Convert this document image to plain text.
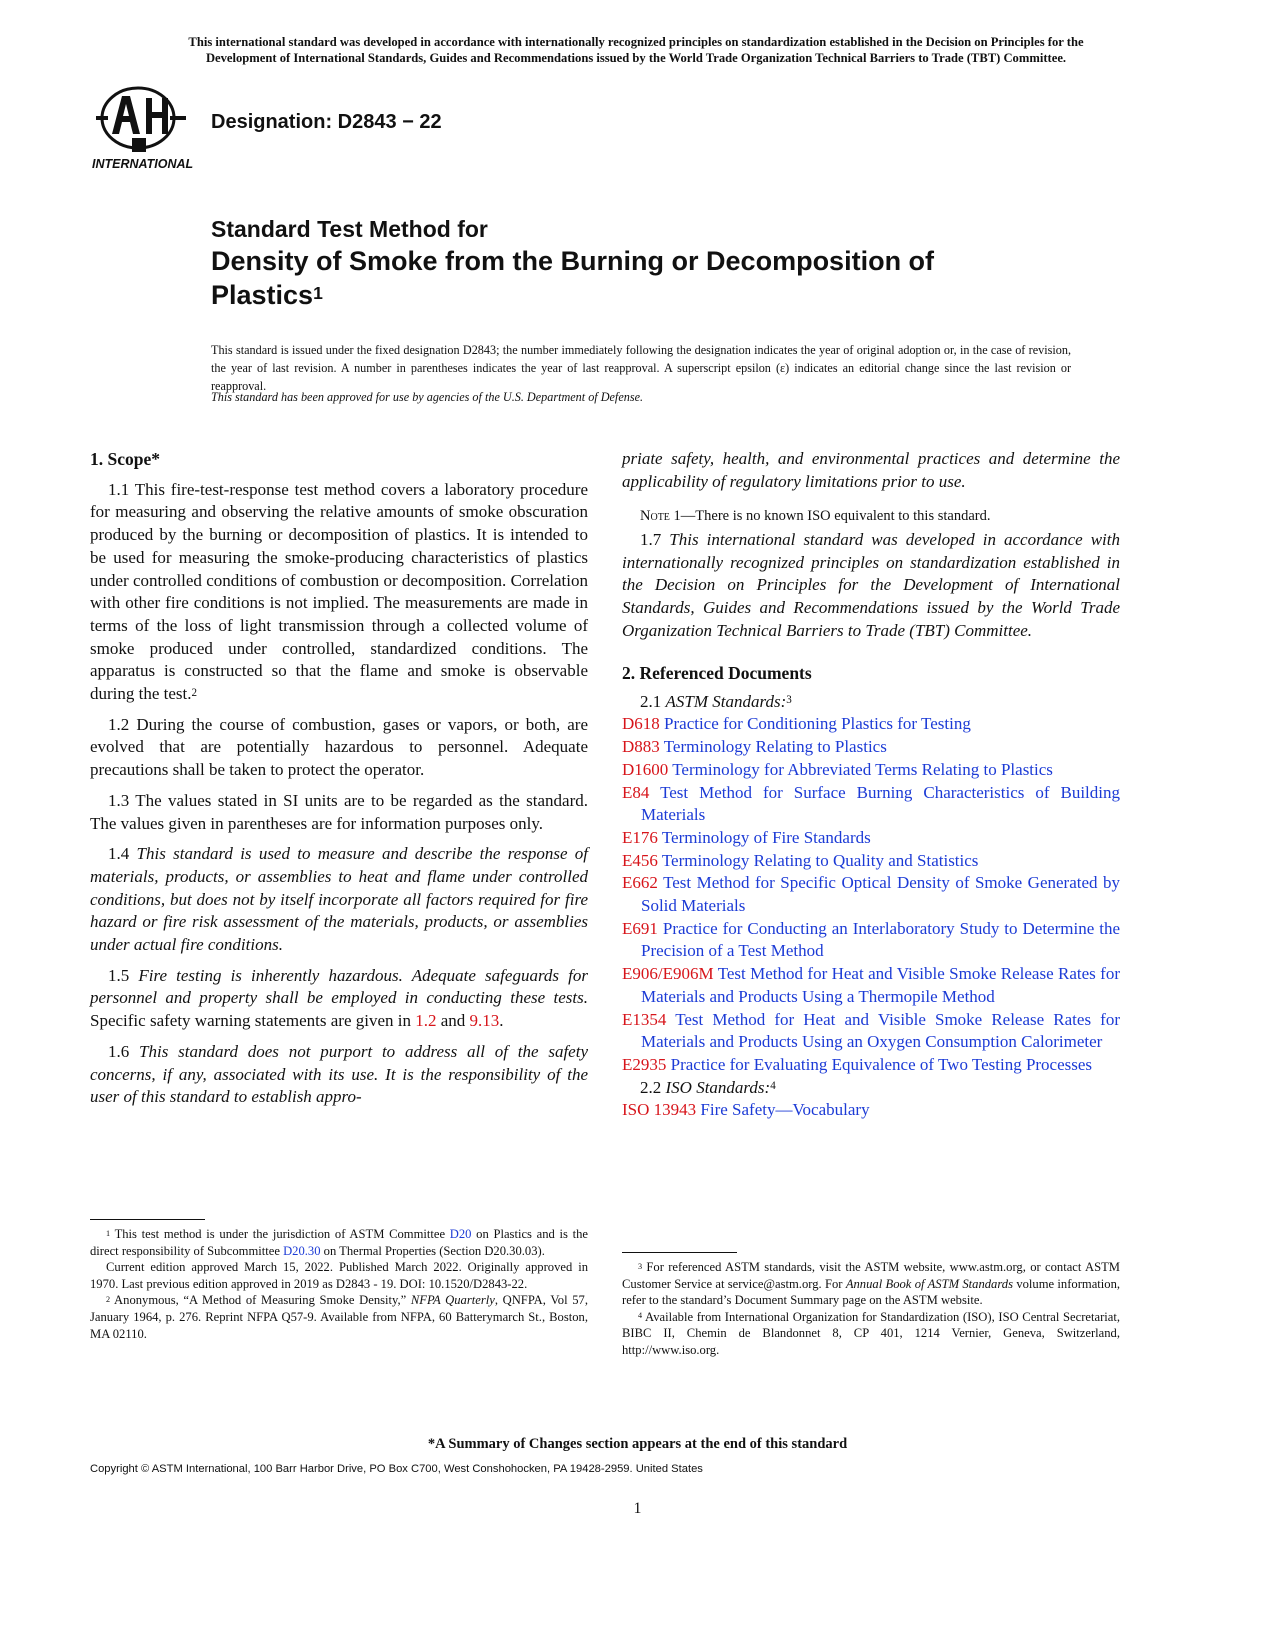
This international standard was developed in accordance with internationally recognized principles on standardization established in the Decision on Principles for the
Development of International Standards, Guides and Recommendations issued by the World Trade Organization Technical Barriers to Trade (TBT) Committee.
INTERNATIONAL
Designation: D2843 − 22
Standard Test Method for
Density of Smoke from the Burning or Decomposition of
Plastics$^1$
This standard is issued under the fixed designation D2843; the number immediately following the designation indicates the year of original adoption or, in the case of revision, the year of last revision. A number in parentheses indicates the year of last reapproval. A superscript epsilon (ε) indicates an editorial change since the last revision or reapproval.
This standard has been approved for use by agencies of the U.S. Department of Defense.

1. Scope*

1.1 This fire-test-response test method covers a laboratory procedure for measuring and observing the relative amounts of smoke obscuration produced by the burning or decomposition of plastics. It is intended to be used for measuring the smoke-producing characteristics of plastics under controlled conditions of combustion or decomposition. Correlation with other fire conditions is not implied. The measurements are made in terms of the loss of light transmission through a collected volume of smoke produced under controlled, standardized conditions. The apparatus is constructed so that the flame and smoke is observable during the test.$^2$

1.2 During the course of combustion, gases or vapors, or both, are evolved that are potentially hazardous to personnel. Adequate precautions shall be taken to protect the operator.

1.3 The values stated in SI units are to be regarded as the standard. The values given in parentheses are for information purposes only.

1.4 This standard is used to measure and describe the response of materials, products, or assemblies to heat and flame under controlled conditions, but does not by itself incorporate all factors required for fire hazard or fire risk assessment of the materials, products, or assemblies under actual fire conditions.

1.5 Fire testing is inherently hazardous. Adequate safeguards for personnel and property shall be employed in conducting these tests. Specific safety warning statements are given in 1.2 and 9.13.

1.6 This standard does not purport to address all of the safety concerns, if any, associated with its use. It is the responsibility of the user of this standard to establish appro-

$^1$ This test method is under the jurisdiction of ASTM Committee D20 on Plastics and is the direct responsibility of Subcommittee D20.30 on Thermal Properties (Section D20.30.03).

Current edition approved March 15, 2022. Published March 2022. Originally approved in 1970. Last previous edition approved in 2019 as D2843 - 19. DOI: 10.1520/D2843-22.

$^2$ Anonymous, “A Method of Measuring Smoke Density,” NFPA Quarterly, QNFPA, Vol 57, January 1964, p. 276. Reprint NFPA Q57-9. Available from NFPA, 60 Batterymarch St., Boston, MA 02110.

2. Referenced Documents

2.1 ASTM Standards:$^3$

D618 Practice for Conditioning Plastics for Testing

D883 Terminology Relating to Plastics

D1600 Terminology for Abbreviated Terms Relating to Plastics

E84 Test Method for Surface Burning Characteristics of Building Materials

E176 Terminology of Fire Standards

E456 Terminology Relating to Quality and Statistics

E662 Test Method for Specific Optical Density of Smoke Generated by Solid Materials

E691 Practice for Conducting an Interlaboratory Study to Determine the Precision of a Test Method

E906/E906M Test Method for Heat and Visible Smoke Release Rates for Materials and Products Using a Thermopile Method

E1354 Test Method for Heat and Visible Smoke Release Rates for Materials and Products Using an Oxygen Consumption Calorimeter

E2935 Practice for Evaluating Equivalence of Two Testing Processes

2.2 ISO Standards:$^4$

ISO 13943 Fire Safety—Vocabulary

priate safety, health, and environmental practices and determine the applicability of regulatory limitations prior to use.

Note 1—There is no known ISO equivalent to this standard.

1.7 This international standard was developed in accordance with internationally recognized principles on standardization established in the Decision on Principles for the Development of International Standards, Guides and Recommendations issued by the World Trade Organization Technical Barriers to Trade (TBT) Committee.

$^3$ For referenced ASTM standards, visit the ASTM website, www.astm.org, or contact ASTM Customer Service at service@astm.org. For Annual Book of ASTM Standards volume information, refer to the standard’s Document Summary page on the ASTM website.

$^4$ Available from International Organization for Standardization (ISO), ISO Central Secretariat, BIBC II, Chemin de Blandonnet 8, CP 401, 1214 Vernier, Geneva, Switzerland, http://www.iso.org.

*A Summary of Changes section appears at the end of this standard
Copyright © ASTM International, 100 Barr Harbor Drive, PO Box C700, West Conshohocken, PA 19428-2959. United States
1
